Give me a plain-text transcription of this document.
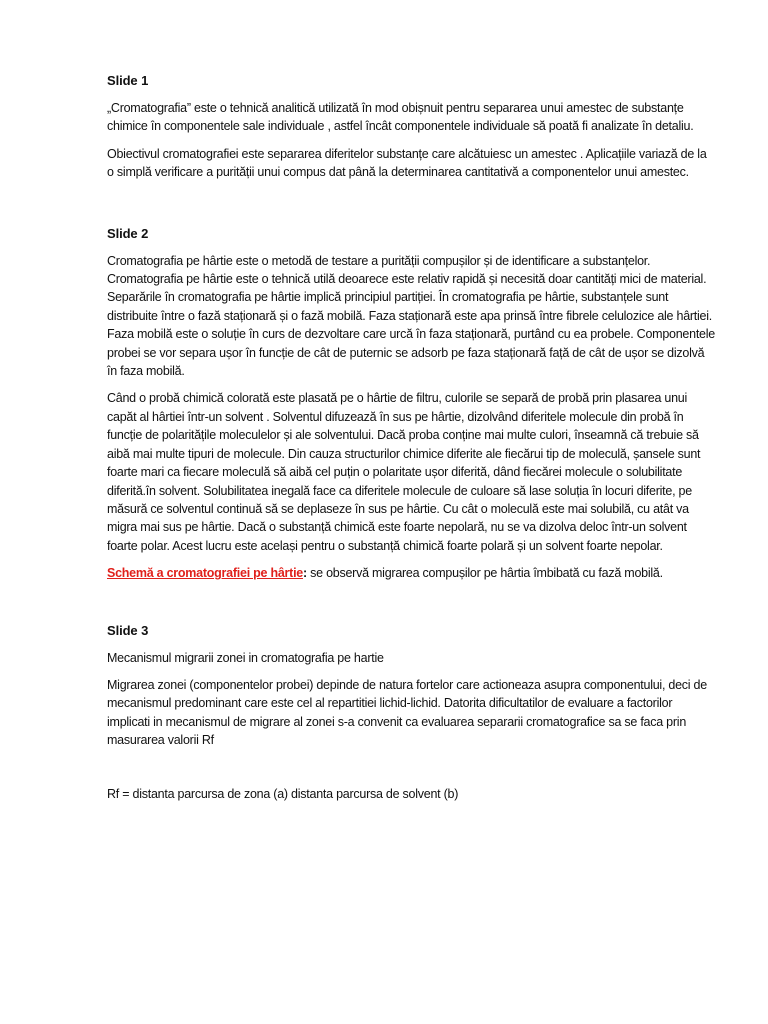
Slide 1

„Cromatografia” este o tehnică analitică utilizată în mod obișnuit pentru separarea unui amestec de substanțe chimice în componentele sale individuale , astfel încât componentele individuale să poată fi analizate în detaliu.

Obiectivul cromatografiei este separarea diferitelor substanțe care alcătuiesc un amestec . Aplicațiile variază de la o simplă verificare a purității unui compus dat până la determinarea cantitativă a componentelor unui amestec.

Slide 2

Cromatografia pe hârtie este o metodă de testare a purității compușilor și de identificare a substanțelor. Cromatografia pe hârtie este o tehnică utilă deoarece este relativ rapidă și necesită doar cantități mici de material. Separările în cromatografia pe hârtie implică principiul partiției. În cromatografia pe hârtie, substanțele sunt distribuite între o fază staționară și o fază mobilă. Faza staționară este apa prinsă între fibrele celulozice ale hârtiei. Faza mobilă este o soluție în curs de dezvoltare care urcă în faza staționară, purtând cu ea probele. Componentele probei se vor separa ușor în funcție de cât de puternic se adsorb pe faza staționară față de cât de ușor se dizolvă în faza mobilă.

Când o probă chimică colorată este plasată pe o hârtie de filtru, culorile se separă de probă prin plasarea unui capăt al hârtiei într-un solvent . Solventul difuzează în sus pe hârtie, dizolvând diferitele molecule din probă în funcție de polaritățile moleculelor și ale solventului. Dacă proba conține mai multe culori, înseamnă că trebuie să aibă mai multe tipuri de molecule. Din cauza structurilor chimice diferite ale fiecărui tip de moleculă, șansele sunt foarte mari ca fiecare moleculă să aibă cel puțin o polaritate ușor diferită, dând fiecărei molecule o solubilitate diferită.în solvent. Solubilitatea inegală face ca diferitele molecule de culoare să lase soluția în locuri diferite, pe măsură ce solventul continuă să se deplaseze în sus pe hârtie. Cu cât o moleculă este mai solubilă, cu atât va migra mai sus pe hârtie. Dacă o substanță chimică este foarte nepolară, nu se va dizolva deloc într-un solvent foarte polar. Acest lucru este același pentru o substanță chimică foarte polară și un solvent foarte nepolar.

Schemă a cromatografiei pe hârtie: se observă migrarea compușilor pe hârtia îmbibată cu fază mobilă.

Slide 3

Mecanismul migrarii zonei in cromatografia pe hartie

Migrarea zonei (componentelor probei) depinde de natura fortelor care actioneaza asupra componentului, deci de mecanismul predominant care este cel al repartitiei lichid-lichid. Datorita dificultatilor de evaluare a factorilor implicati in mecanismul de migrare al zonei s-a convenit ca evaluarea separarii cromatografice sa se faca prin masurarea valorii Rf

Rf = distanta parcursa de zona (a) distanta parcursa de solvent (b)
